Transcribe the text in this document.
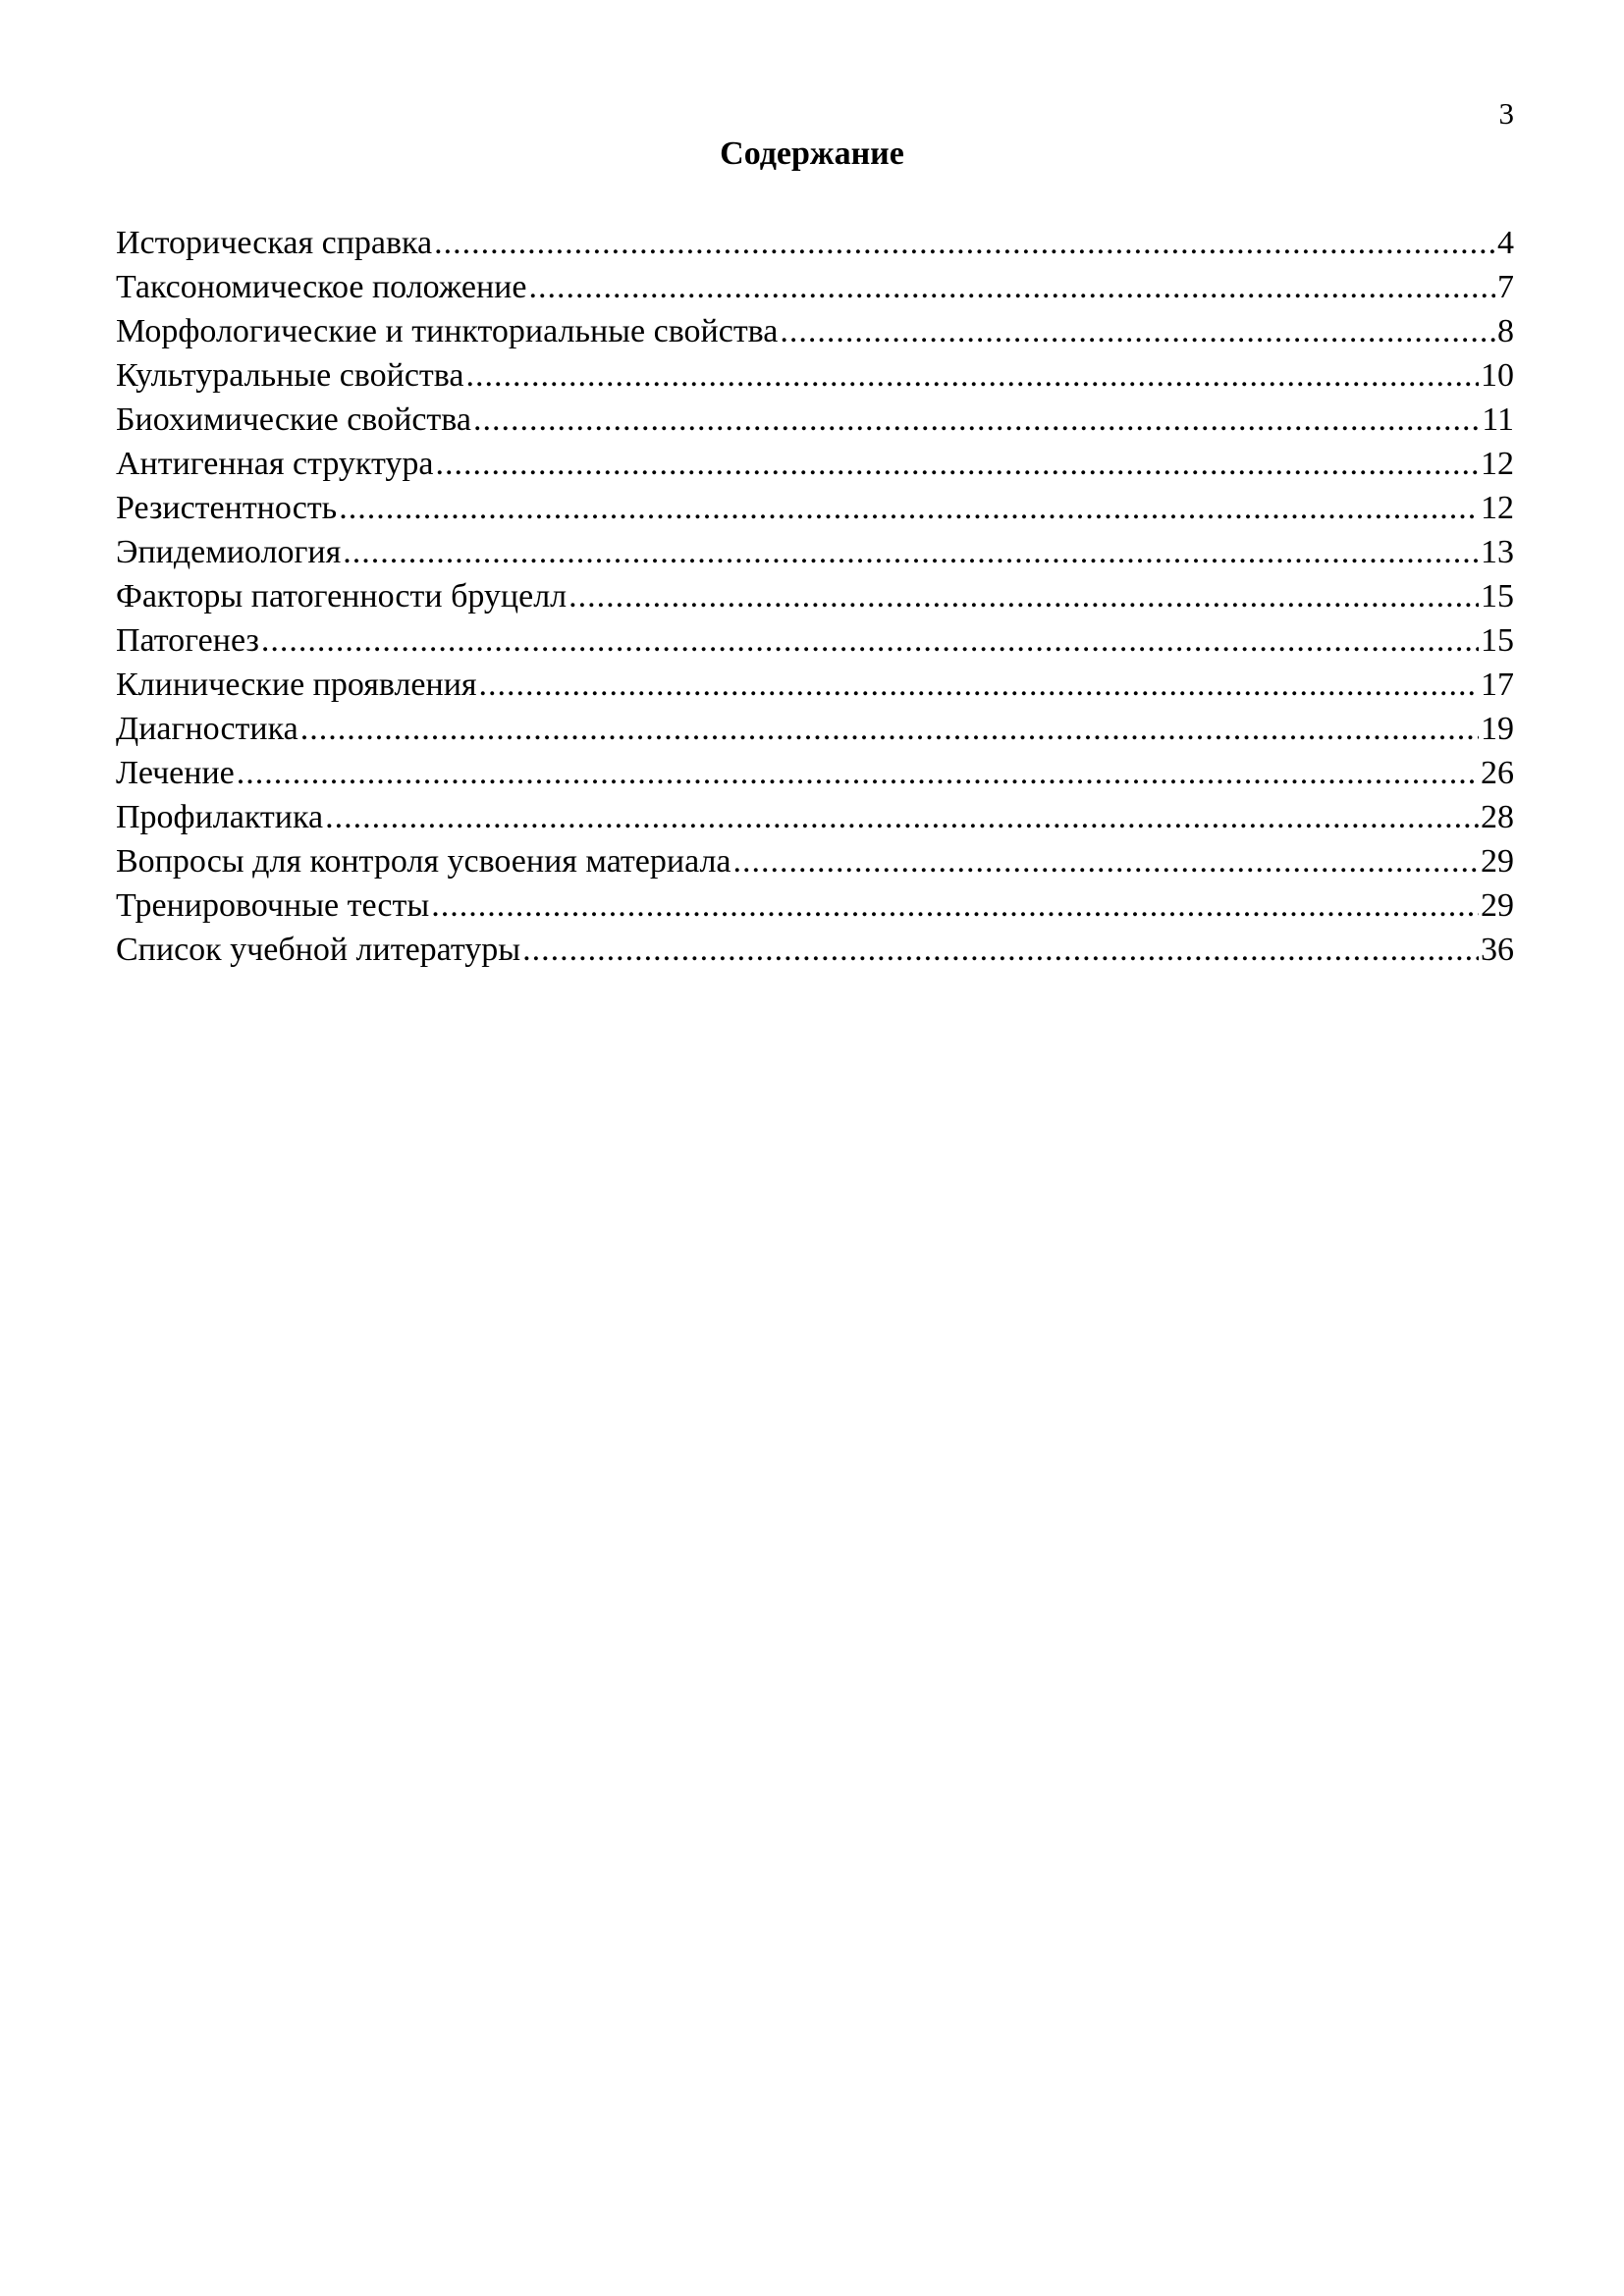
3
Содержание
Историческая справка .....	4
Таксономическое положение .....	7
Морфологические и тинкториальные свойства .....	8
Культуральные свойства .....	10
Биохимические свойства .....	11
Антигенная структура .....	12
Резистентность .....	12
Эпидемиология .....	13
Факторы патогенности бруцелл .....	15
Патогенез .....	15
Клинические проявления .....	17
Диагностика .....	19
Лечение .....	26
Профилактика .....	28
Вопросы для контроля усвоения материала .....	29
Тренировочные тесты .....	29
Список учебной литературы .....	36
